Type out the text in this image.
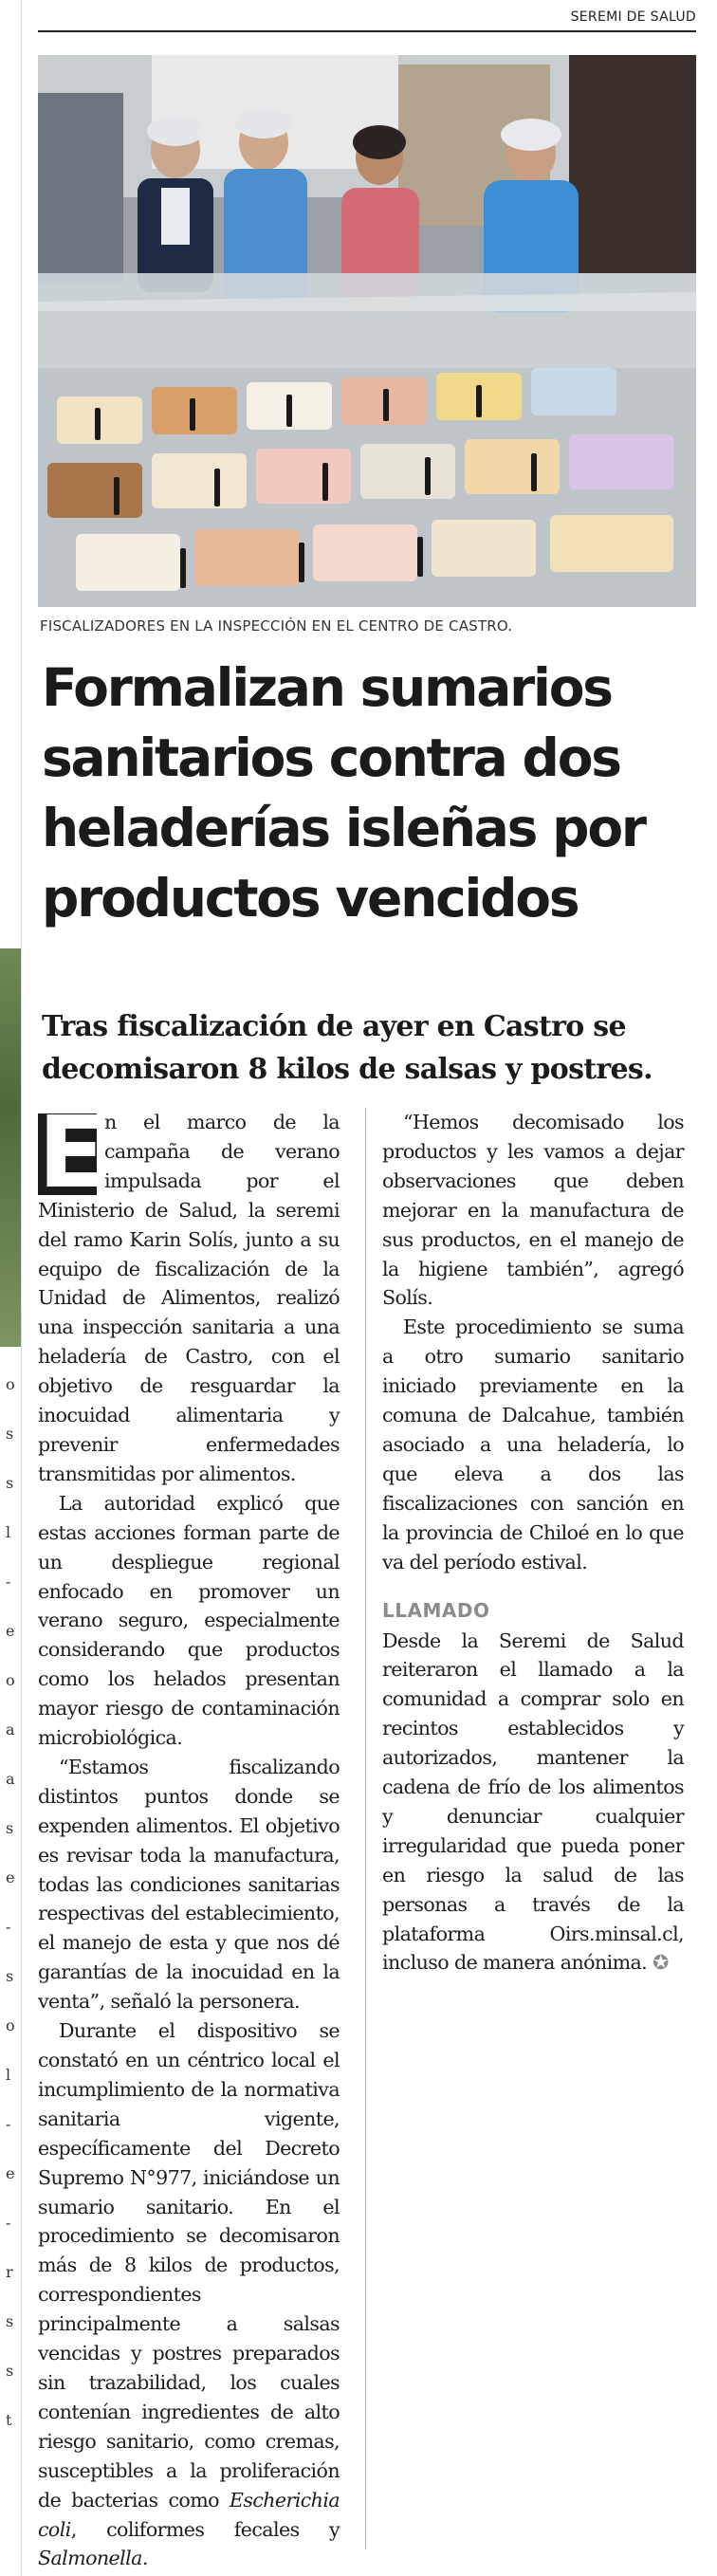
o
s
s
l
-
e
o
a
a
s
e
-
s
o
l
-
e
-
r
s
s
t
SEREMI DE SALUD
FISCALIZADORES EN LA INSPECCIÓN EN EL CENTRO DE CASTRO.
Formalizan sumarios sanitarios contra dos heladerías isleñas por productos vencidos
Tras fiscalización de ayer en Castro se decomisaron 8 kilos de salsas y postres.

E n el marco de la campaña de verano impulsada por el Ministerio de Salud, la seremi del ramo Karin Solís, junto a su equipo de fiscalización de la Unidad de Alimentos, realizó una inspección sanitaria a una heladería de Castro, con el objetivo de resguardar la inocuidad alimentaria y prevenir enfermedades transmitidas por alimentos.

La autoridad explicó que estas acciones forman parte de un despliegue regional enfocado en promover un verano seguro, especialmente considerando que productos como los helados presentan mayor riesgo de contaminación microbiológica.

“Estamos fiscalizando distintos puntos donde se expenden alimentos. El objetivo es revisar toda la manufactura, todas las condiciones sanitarias respectivas del establecimiento, el manejo de esta y que nos dé garantías de la inocuidad en la venta”, señaló la personera.

Durante el dispositivo se constató en un céntrico local el incumplimiento de la normativa sanitaria vigente, específicamente del Decreto Supremo N°977, iniciándose un sumario sanitario. En el procedimiento se decomisaron más de 8 kilos de productos, correspondientes principalmente a salsas vencidas y postres preparados sin trazabilidad, los cuales contenían ingredientes de alto riesgo sanitario, como cremas, susceptibles a la proliferación de bacterias como Escherichia coli, coliformes fecales y Salmonella.

“Hemos decomisado los productos y les vamos a dejar observaciones que deben mejorar en la manufactura de sus productos, en el manejo de la higiene también”, agregó Solís.

Este procedimiento se suma a otro sumario sanitario iniciado previamente en la comuna de Dalcahue, también asociado a una heladería, lo que eleva a dos las fiscalizaciones con sanción en la provincia de Chiloé en lo que va del período estival.

LLAMADO

Desde la Seremi de Salud reiteraron el llamado a la comunidad a comprar solo en recintos establecidos y autorizados, mantener la cadena de frío de los alimentos y denunciar cualquier irregularidad que pueda poner en riesgo la salud de las personas a través de la plataforma Oirs.minsal.cl, incluso de manera anónima. ✪
